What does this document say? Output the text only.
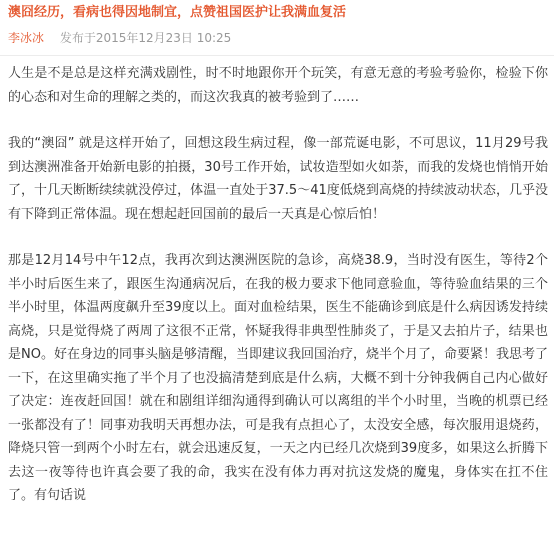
澳囧经历，看病也得因地制宜，点赞祖国医护让我满血复活
李冰冰 发布于2015年12月23日 10:25

人生是不是总是这样充满戏剧性，时不时地跟你开个玩笑，有意无意的考验考验你，检验下你的心态和对生命的理解之类的，而这次我真的被考验到了……

我的“澳囧” 就是这样开始了，回想这段生病过程，像一部荒诞电影，不可思议，11月29号我到达澳洲准备开始新电影的拍摄，30号工作开始，试妆造型如火如荼，而我的发烧也悄悄开始了，十几天断断续续就没停过，体温一直处于37.5～41度低烧到高烧的持续波动状态，几乎没有下降到正常体温。现在想起赶回国前的最后一天真是心惊后怕！

那是12月14号中午12点，我再次到达澳洲医院的急诊，高烧38.9，当时没有医生，等待2个半小时后医生来了，跟医生沟通病况后，在我的极力要求下他同意验血，等待验血结果的三个半小时里，体温两度飙升至39度以上。面对血检结果，医生不能确诊到底是什么病因诱发持续高烧，只是觉得烧了两周了这很不正常，怀疑我得非典型性肺炎了，于是又去拍片子，结果也是NO。好在身边的同事头脑是够清醒，当即建议我回国治疗，烧半个月了，命要紧！我思考了一下，在这里确实拖了半个月了也没搞清楚到底是什么病，大概不到十分钟我俩自己内心做好了决定：连夜赶回国！就在和剧组详细沟通得到确认可以离组的半个小时里，当晚的机票已经一张都没有了！同事劝我明天再想办法，可是我有点担心了，太没安全感，每次服用退烧药，降烧只管一到两个小时左右，就会迅速反复，一天之内已经几次烧到39度多，如果这么折腾下去这一夜等待也许真会要了我的命，我实在没有体力再对抗这发烧的魔鬼，身体实在扛不住了。有句话说
